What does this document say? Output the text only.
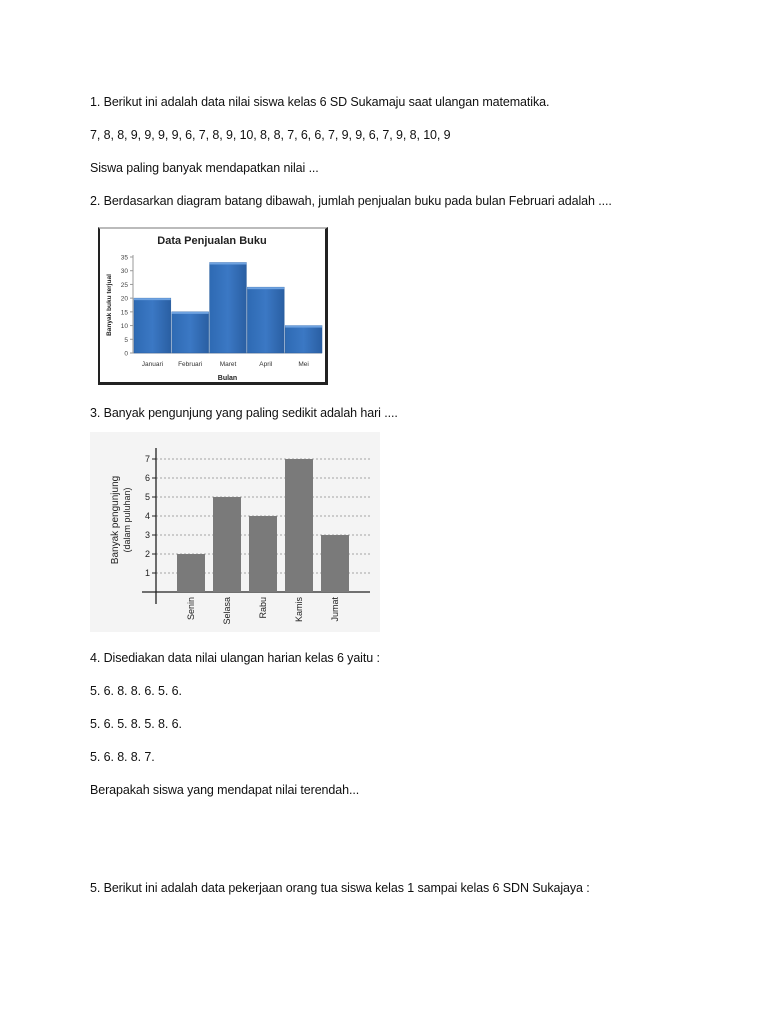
1. Berikut ini adalah data nilai siswa kelas 6 SD Sukamaju saat ulangan matematika.
7, 8, 8, 9, 9, 9, 9, 6, 7, 8, 9, 10, 8, 8, 7, 6, 6, 7, 9, 9, 6, 7, 9, 8, 10, 9
Siswa paling banyak mendapatkan nilai ...
2. Berdasarkan diagram batang dibawah, jumlah penjualan buku pada bulan Februari adalah ....
Data Penjualan Buku
0
5
10
15
20
25
30
35
Januari Februari	Maret	April	Mei
Bulan
Banyak buku terjual
3. Banyak pengunjung yang paling sedikit adalah hari ....
1
2
3
4
5
6
7
Senin	Selasa	Rabu	Kamis	Jumat
Banyak pengunjung (dalam puluhan)
4. Disediakan data nilai ulangan harian kelas 6 yaitu :
5. 6. 8. 8. 6. 5. 6.
5. 6. 5. 8. 5. 8. 6.
5. 6. 8. 8. 7.
Berapakah siswa yang mendapat nilai terendah...
5. Berikut ini adalah data pekerjaan orang tua siswa kelas 1 sampai kelas 6 SDN Sukajaya :
